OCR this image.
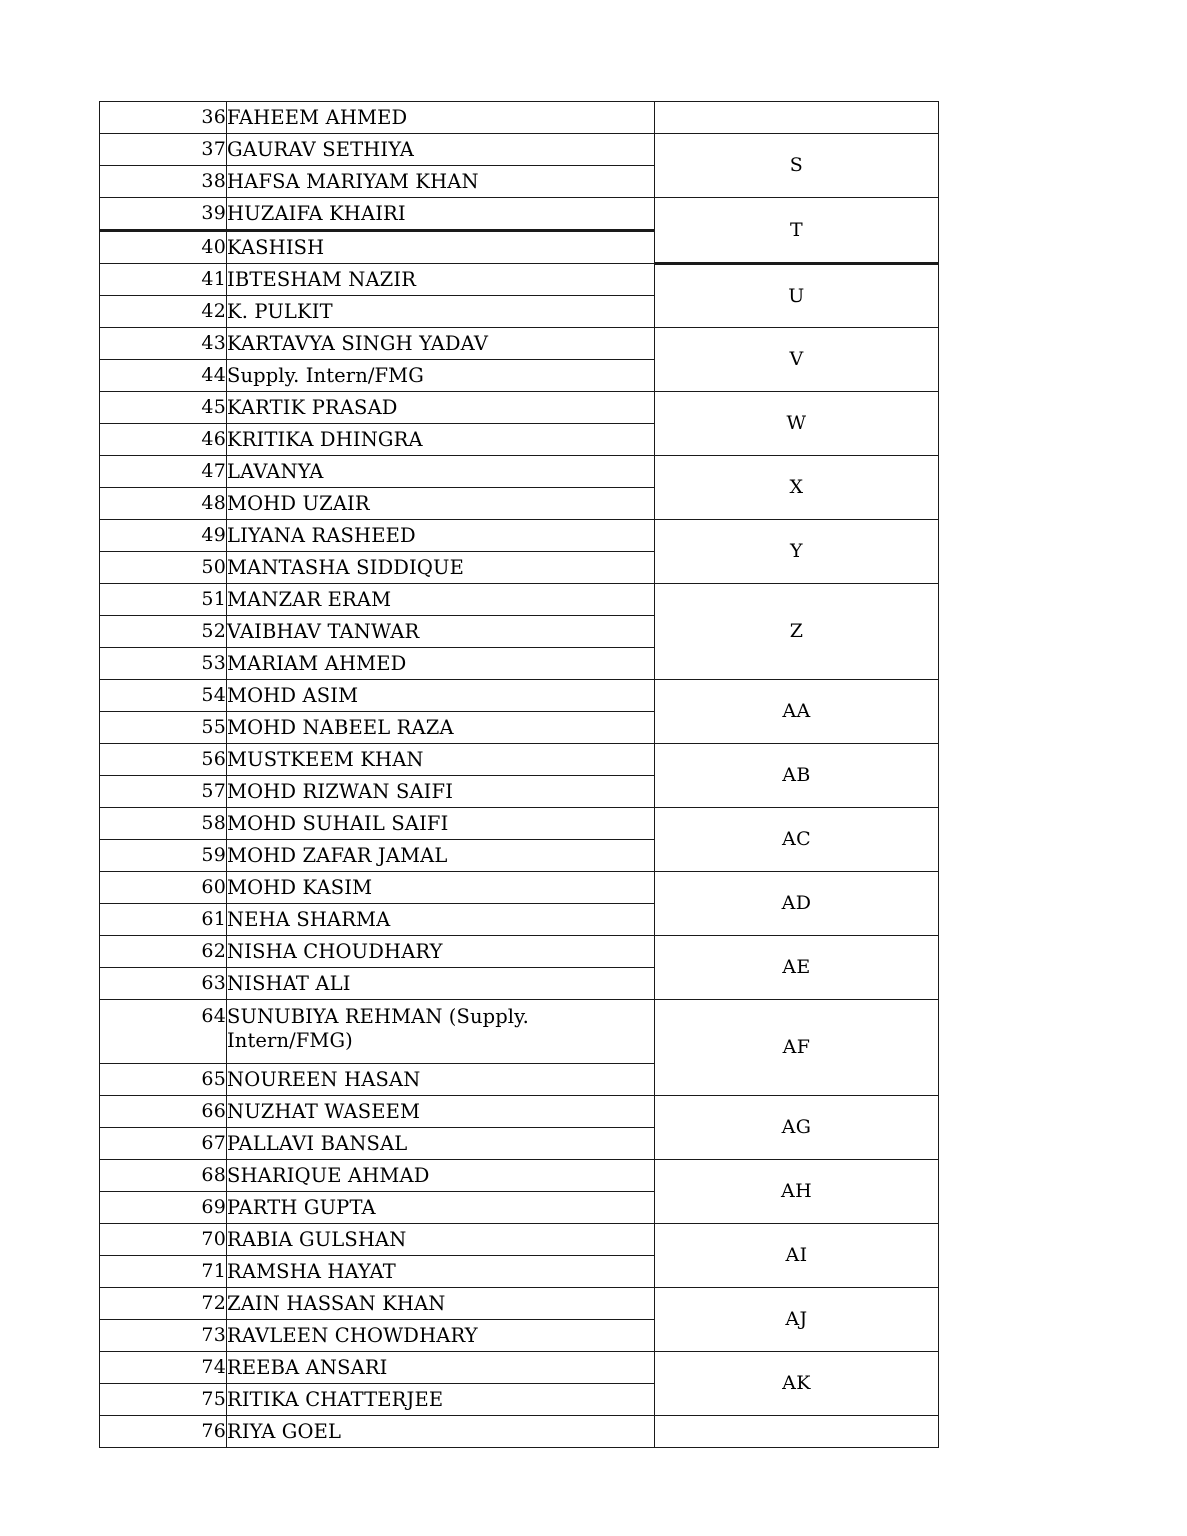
36	FAHEEM AHMED	
37	GAURAV SETHIYA	S
38	HAFSA MARIYAM KHAN	
39	HUZAIFA KHAIRI	T
40	KASHISH	
41	IBTESHAM NAZIR	U
42	K. PULKIT	
43	KARTAVYA SINGH YADAV	V
44	Supply. Intern/FMG	
45	KARTIK PRASAD	W
46	KRITIKA DHINGRA	
47	LAVANYA	X
48	MOHD UZAIR	
49	LIYANA RASHEED	Y
50	MANTASHA SIDDIQUE	
51	MANZAR ERAM	Z
52	VAIBHAV TANWAR	
53	MARIAM AHMED	
54	MOHD ASIM	AA
55	MOHD NABEEL RAZA	
56	MUSTKEEM KHAN	AB
57	MOHD RIZWAN SAIFI	
58	MOHD SUHAIL SAIFI	AC
59	MOHD ZAFAR JAMAL	
60	MOHD KASIM	AD
61	NEHA SHARMA	
62	NISHA CHOUDHARY	AE
63	NISHAT ALI	
64	SUNUBIYA REHMAN (Supply. Intern/FMG)	AF
65	NOUREEN HASAN	
66	NUZHAT WASEEM	AG
67	PALLAVI BANSAL	
68	SHARIQUE AHMAD	AH
69	PARTH GUPTA	
70	RABIA GULSHAN	AI
71	RAMSHA HAYAT	
72	ZAIN HASSAN KHAN	AJ
73	RAVLEEN CHOWDHARY	
74	REEBA ANSARI	AK
75	RITIKA CHATTERJEE	
76	RIYA GOEL	
